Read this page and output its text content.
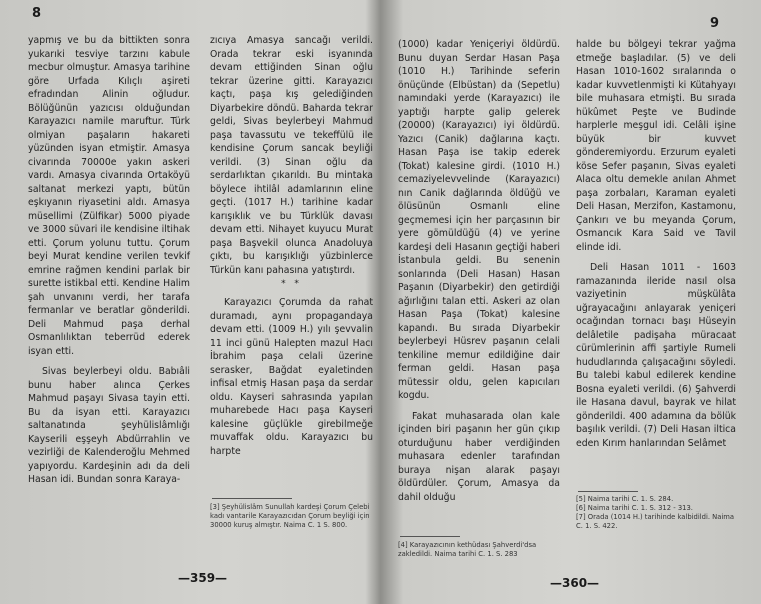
8

yapmış ve bu da bittikten sonra yukarıki tesviye tarzını kabule mecbur olmuştur. Amasya tarihine göre Urfada Kılıçlı aşireti efradından Alinin oğludur. Bölüğünün yazıcısı olduğundan Karayazıcı namile maruftur. Türk olmiyan paşaların hakareti yüzünden isyan etmiştir. Amasya civarında 70000e yakın askeri vardı. Amasya civarında Ortaköyü saltanat merkezi yaptı, bütün eşkıyanın riyasetini aldı. Amasya müsellimi (Zülfikar) 5000 piyade ve 3000 süvari ile kendisine iltihak etti. Çorum yolunu tuttu. Çorum beyi Murat kendine verilen tevkif emrine rağmen kendini parlak bir surette istikbal etti. Kendine Halim şah unvanını verdi, her tarafa fermanlar ve beratlar gönderildi. Deli Mahmud paşa derhal Osmanlılıktan teberrüd ederek isyan etti.

Sivas beylerbeyi oldu. Babıâli bunu haber alınca Çerkes Mahmud paşayı Sivasa tayin etti. Bu da isyan etti. Karayazıcı saltanatında şeyhülislâmlığı Kayserili eşşeyh Abdürrahlin ve vezirliği de Kalenderoğlu Mehmed yapıyordu. Kardeşinin adı da deli Hasan idi. Bundan sonra Karaya-

zıcıya Amasya sancağı verildi. Orada tekrar eski isyanında devam ettiğinden Sinan oğlu tekrar üzerine gitti. Karayazıcı kaçtı, paşa kış gelediğinden Diyarbekire döndü. Baharda tekrar geldi, Sivas beylerbeyi Mahmud paşa tavassutu ve tekeffülü ile kendisine Çorum sancak beyliği verildi. (3) Sinan oğlu da serdarlıktan çıkarıldı. Bu mintaka böylece ihtilâl adamlarının eline geçti. (1017 H.) tarihine kadar karışıklık ve bu Türklük davası devam etti. Nihayet kuyucu Murat paşa Başvekil olunca Anadoluya çıktı, bu karışıklığı yüzbinlerce Türkün kanı pahasına yatıştırdı.

* *

Karayazıcı Çorumda da rahat duramadı, aynı propagandaya devam etti. (1009 H.) yılı şevvalin 11 inci günü Halepten mazul Hacı İbrahim paşa celali üzerine serasker, Bağdat eyaletinden infisal etmiş Hasan paşa da serdar oldu. Kayseri sahrasında yapılan muharebede Hacı paşa Kayseri kalesine güçlükle girebilmeğe muvaffak oldu. Karayazıcı bu harpte

[3] Şeyhülislâm Sunullah kardeşi Çorum Çelebi kadı vantarile Karayazıcıdan Çorum beyliği için 30000 kuruş almıştır. Naima C. 1 S. 800.

—359—
9

(1000) kadar Yeniçeriyi öldürdü. Bunu duyan Serdar Hasan Paşa (1010 H.) Tarihinde seferin önüçünde (Elbüstan) da (Sepetlu) namındaki yerde (Karayazıcı) ile yaptığı harpte galip gelerek (20000) (Karayazıcı) iyi öldürdü. Yazıcı (Canik) dağlarına kaçtı. Hasan Paşa ise takip ederek (Tokat) kalesine girdi. (1010 H.) cemaziyelevvelinde (Karayazıcı) nın Canik dağlarında öldüğü ve ölüsünün Osmanlı eline geçmemesi için her parçasının bir yere gömüldüğü (4) ve yerine kardeşi deli Hasanın geçtiği haberi İstanbula geldi. Bu senenin sonlarında (Deli Hasan) Hasan Paşanın (Diyarbekir) den getirdiği ağırlığını talan etti. Askeri az olan Hasan Paşa (Tokat) kalesine kapandı. Bu sırada Diyarbekir beylerbeyi Hüsrev paşanın celali tenkiline memur edildiğine dair ferman geldi. Hasan paşa mütessir oldu, gelen kapıcıları kogdu.

Fakat muhasarada olan kale içinden biri paşanın her gün çıkıp oturduğunu haber verdiğinden muhasara edenler tarafından buraya nişan alarak paşayı öldürdüler. Çorum, Amasya da dahil olduğu

halde bu bölgeyi tekrar yağma etmeğe başladılar. (5) ve deli Hasan 1010-1602 sıralarında o kadar kuvvetlenmişti ki Kütahyayı bile muhasara etmişti. Bu sırada hükûmet Peşte ve Budinde harplerle meşgul idi. Celâli işine büyük bir kuvvet gönderemiyordu. Erzurum eyaleti köse Sefer paşanın, Sivas eyaleti Alaca oltu demekle anılan Ahmet paşa zorbaları, Karaman eyaleti Deli Hasan, Merzifon, Kastamonu, Çankırı ve bu meyanda Çorum, Osmancık Kara Said ve Tavil elinde idi.

Deli Hasan 1011 - 1603 ramazanında ileride nasıl olsa vaziyetinin müşkülâta uğrayacağını anlayarak yeniçeri ocağından tornacı başı Hüseyin delâletile padişaha müracaat cürümlerinin affi şartiyle Rumeli hududlarında çalışacağını söyledi. Bu talebi kabul edilerek kendine Bosna eyaleti verildi. (6) Şahverdi ile Hasana davul, bayrak ve hilat gönderildi. 400 adamına da bölük başılık verildi. (7) Deli Hasan iltica eden Kırım hanlarından Selâmet

[4] Karayazıcının kethüdası Şahverdi'dsa zakledildi. Naima tarihi C. 1. S. 283

[5] Naima tarihi C. 1. S. 284.

[6] Naima tarihi C. 1. S. 312 - 313.

[7] Orada (1014 H.) tarihinde kalbidildi. Naima C. 1. S. 422.

—360—
